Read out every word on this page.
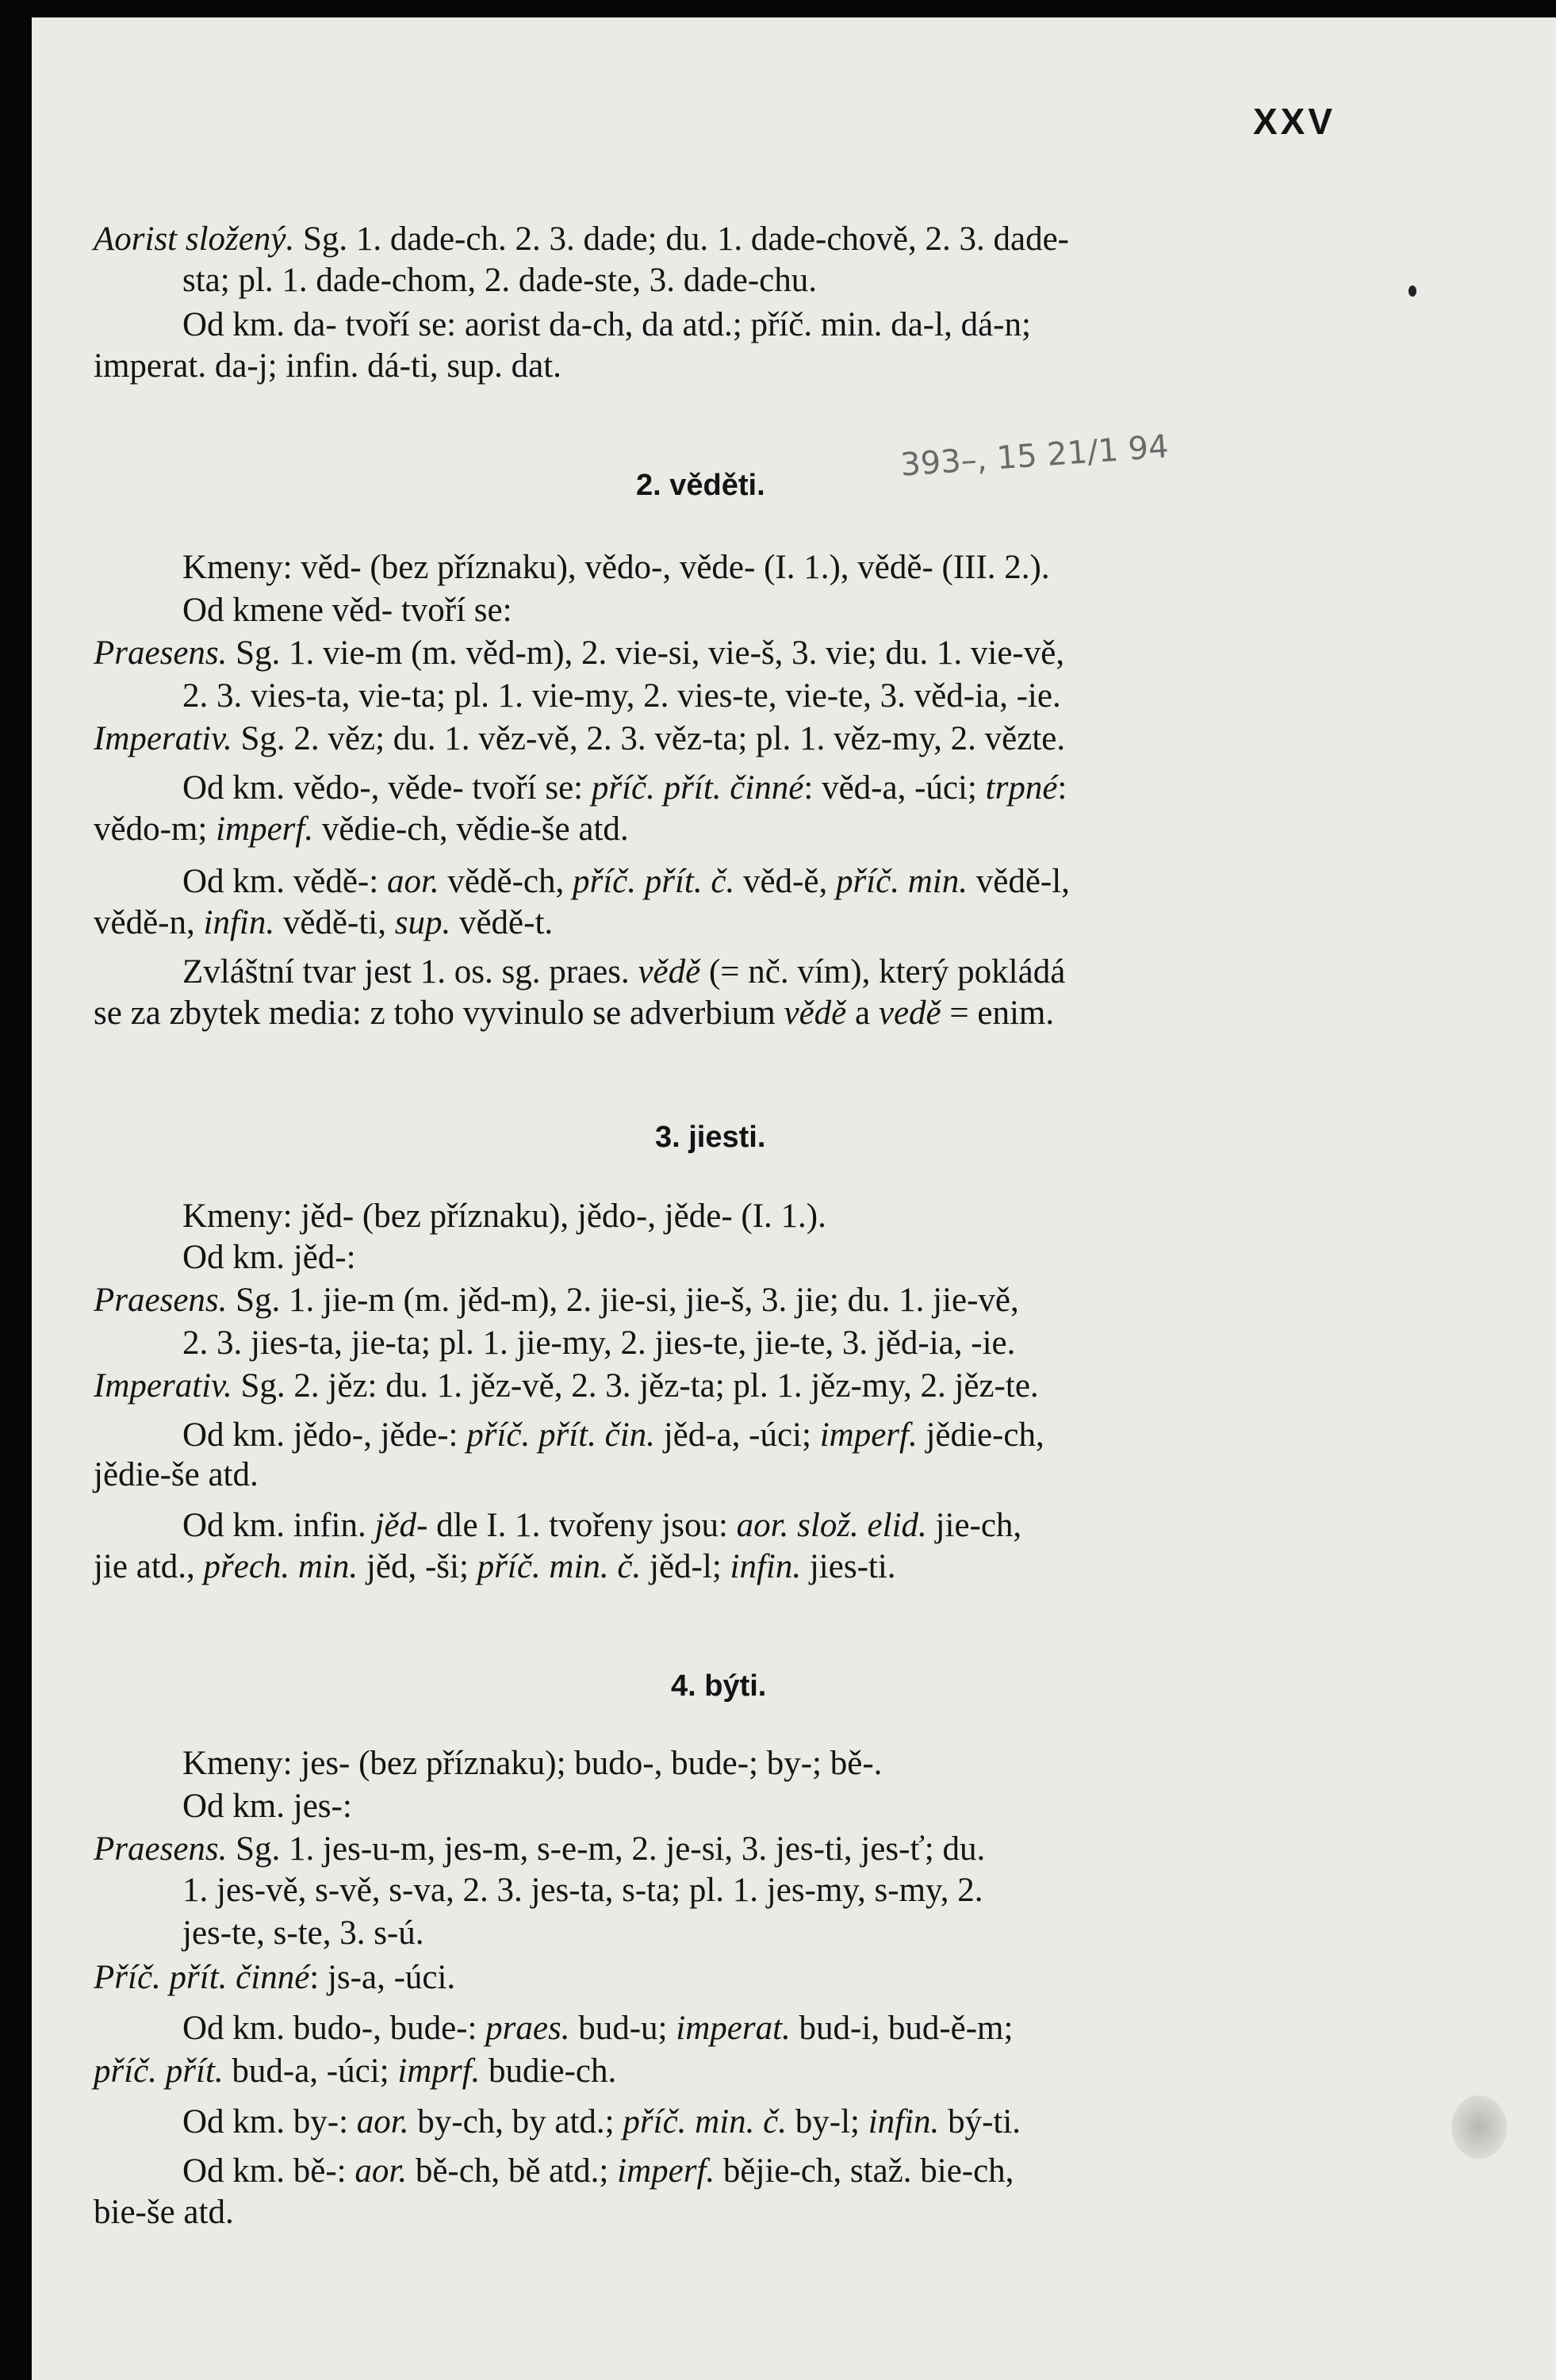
XXV

Aorist složený. Sg. 1. dade-ch. 2. 3. dade; du. 1. dade-chově, 2. 3. dade-

sta; pl. 1. dade-chom, 2. dade-ste, 3. dade-chu.

Od km. da- tvoří se: aorist da-ch, da atd.; příč. min. da-l, dá-n;

imperat. da-j; infin. dá-ti, sup. dat.

2. věděti.
393–, 15 21/1 94

Kmeny: věd- (bez příznaku), vědo-, věde- (I. 1.), vědě- (III. 2.).

Od kmene věd- tvoří se:

Praesens. Sg. 1. vie-m (m. věd-m), 2. vie-si, vie-š, 3. vie; du. 1. vie-vě,

2. 3. vies-ta, vie-ta; pl. 1. vie-my, 2. vies-te, vie-te, 3. věd-ia, -ie.

Imperativ. Sg. 2. věz; du. 1. věz-vě, 2. 3. věz-ta; pl. 1. věz-my, 2. vězte.

Od km. vědo-, věde- tvoří se: příč. přít. činné: věd-a, -úci; trpné:

vědo-m; imperf. vědie-ch, vědie-še atd.

Od km. vědě-: aor. vědě-ch, příč. přít. č. věd-ě, příč. min. vědě-l,

vědě-n, infin. vědě-ti, sup. vědě-t.

Zvláštní tvar jest 1. os. sg. praes. vědě (= nč. vím), který pokládá

se za zbytek media: z toho vyvinulo se adverbium vědě a vedě = enim.

3. jiesti.

Kmeny: jěd- (bez příznaku), jědo-, jěde- (I. 1.).

Od km. jěd-:

Praesens. Sg. 1. jie-m (m. jěd-m), 2. jie-si, jie-š, 3. jie; du. 1. jie-vě,

2. 3. jies-ta, jie-ta; pl. 1. jie-my, 2. jies-te, jie-te, 3. jěd-ia, -ie.

Imperativ. Sg. 2. jěz: du. 1. jěz-vě, 2. 3. jěz-ta; pl. 1. jěz-my, 2. jěz-te.

Od km. jědo-, jěde-: příč. přít. čin. jěd-a, -úci; imperf. jědie-ch,

jědie-še atd.

Od km. infin. jěd- dle I. 1. tvořeny jsou: aor. slož. elid. jie-ch,

jie atd., přech. min. jěd, -ši; příč. min. č. jěd-l; infin. jies-ti.

4. býti.

Kmeny: jes- (bez příznaku); budo-, bude-; by-; bě-.

Od km. jes-:

Praesens. Sg. 1. jes-u-m, jes-m, s-e-m, 2. je-si, 3. jes-ti, jes-ť; du.

1. jes-vě, s-vě, s-va, 2. 3. jes-ta, s-ta; pl. 1. jes-my, s-my, 2.

jes-te, s-te, 3. s-ú.

Příč. přít. činné: js-a, -úci.

Od km. budo-, bude-: praes. bud-u; imperat. bud-i, bud-ě-m;

příč. přít. bud-a, -úci; imprf. budie-ch.

Od km. by-: aor. by-ch, by atd.; příč. min. č. by-l; infin. bý-ti.

Od km. bě-: aor. bě-ch, bě atd.; imperf. bějie-ch, staž. bie-ch,

bie-še atd.
